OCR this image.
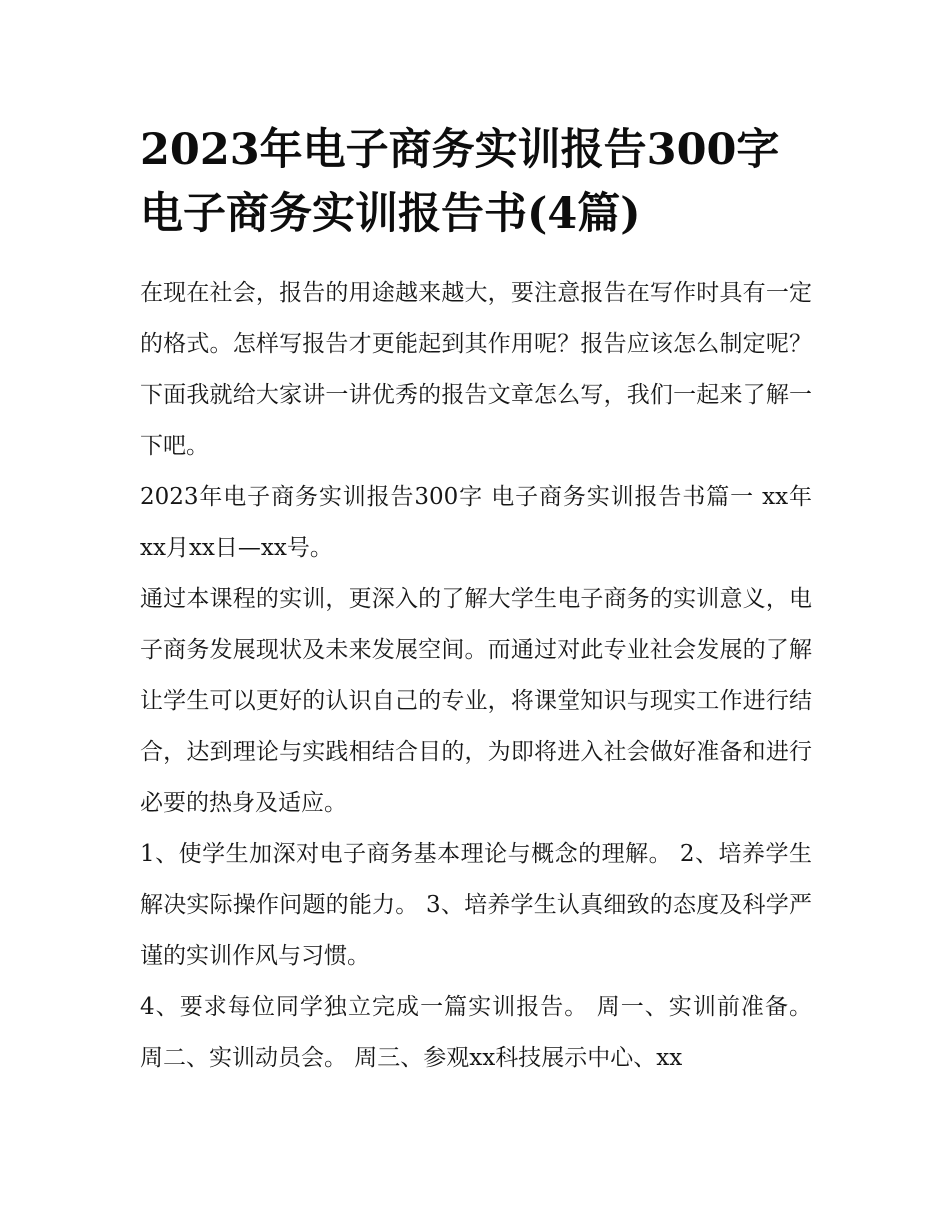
2023年电子商务实训报告300字 电子商务实训报告书(4篇)

在现在社会，报告的用途越来越大，要注意报告在写作时具有一定的格式。怎样写报告才更能起到其作用呢？报告应该怎么制定呢？下面我就给大家讲一讲优秀的报告文章怎么写，我们一起来了解一下吧。

2023年电子商务实训报告300字 电子商务实训报告书篇一 xx年xx月xx日—xx号。

通过本课程的实训，更深入的了解大学生电子商务的实训意义，电子商务发展现状及未来发展空间。而通过对此专业社会发展的了解让学生可以更好的认识自己的专业，将课堂知识与现实工作进行结合，达到理论与实践相结合目的，为即将进入社会做好准备和进行必要的热身及适应。

1、使学生加深对电子商务基本理论与概念的理解。 2、培养学生解决实际操作问题的能力。 3、培养学生认真细致的态度及科学严谨的实训作风与习惯。

4、要求每位同学独立完成一篇实训报告。 周一、实训前准备。 周二、实训动员会。 周三、参观xx科技展示中心、xx
